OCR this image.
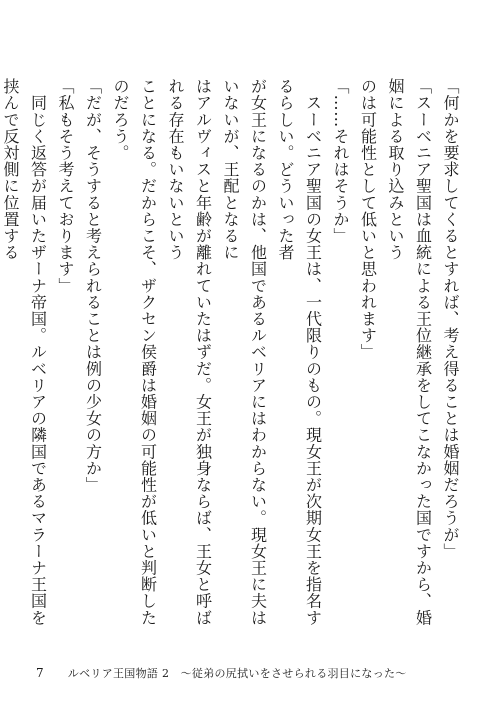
「何かを要求してくるとすれば、考え得ることは婚姻だろうが」

「スーベニア聖国は血統による王位継承をしてこなかった国ですから、婚姻による取り込みという

のは可能性として低いと思われます」

「……それはそうか」

　スーベニア聖国の女王は、一代限りのもの。現女王が次期女王を指名するらしい。どういった者

が女王になるのかは、他国であるルベリアにはわからない。現女王に夫はいないが、王配となるに

はアルヴィスと年齢が離れていたはずだ。女王が独身ならば、王女と呼ばれる存在もいないという

ことになる。だからこそ、ザクセン侯爵は婚姻の可能性が低いと判断したのだろう。

「だが、そうすると考えられることは例の少女の方か」

「私もそう考えております」

　同じく返答が届いたザーナ帝国。ルベリアの隣国であるマラーナ王国を挟んで反対側に位置する

7 ルベリア王国物語 2　～従弟の尻拭いをさせられる羽目になった～
